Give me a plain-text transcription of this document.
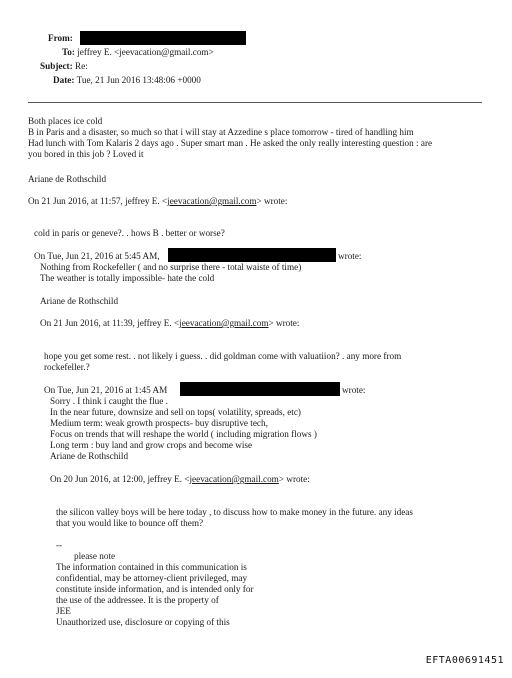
From:
To: jeffrey E. <jeevacation@gmail.com>
Subject: Re:
Date: Tue, 21 Jun 2016 13:48:06 +0000
Both places ice cold
B in Paris and a disaster, so much so that i will stay at Azzedine s place tomorrow - tired of handling him
Had lunch with Tom Kalaris 2 days ago . Super smart man . He asked the only really interesting question : are
you bored in this job ? Loved it
Ariane de Rothschild
On 21 Jun 2016, at 11:57, jeffrey E. <jeevacation@gmail.com> wrote:
cold in paris or geneve?. . hows B . better or worse?
On Tue, Jun 21, 2016 at 5:45 AM,	wrote:
Nothing from Rockefeller ( and no surprise there - total waiste of time)
The weather is totally impossible- hate the cold
Ariane de Rothschild
On 21 Jun 2016, at 11:39, jeffrey E. <jeevacation@gmail.com> wrote:
hope you get some rest. . not likely i guess. . did goldman come with valuatiion? . any more from
rockefeller.?
On Tue, Jun 21, 2016 at 1:45 AM	wrote:
Sorry . I think i caught the flue .
In the near future, downsize and sell on tops( volatility, spreads, etc)
Medium term: weak growth prospects- buy disruptive tech,
Focus on trends that will reshape the world ( including migration flows )
Long term : buy land and grow crops and become wise
Ariane de Rothschild
On 20 Jun 2016, at 12:00, jeffrey E. <jeevacation@gmail.com> wrote:
the silicon valley boys will be here today , to discuss how to make money in the future. any ideas
that you would like to bounce off them?
--
please note
The information contained in this communication is
confidential, may be attorney-client privileged, may
constitute inside information, and is intended only for
the use of the addressee. It is the property of
JEE
Unauthorized use, disclosure or copying of this
EFTA00691451
